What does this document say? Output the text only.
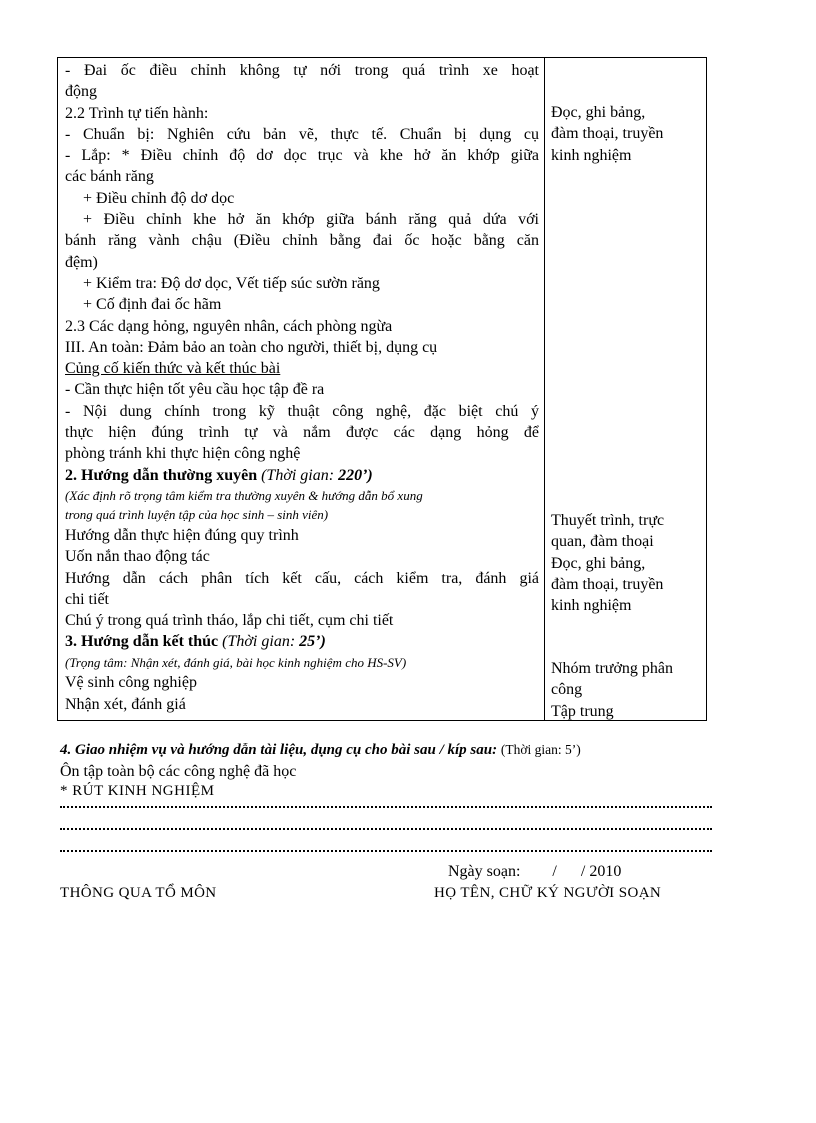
- Đai ốc điều chỉnh không tự nới trong quá trình xe hoạt
động
2.2 Trình tự tiến hành:
- Chuẩn bị: Nghiên cứu bản vẽ, thực tế. Chuẩn bị dụng cụ
- Lắp: * Điều chỉnh độ dơ dọc trục và khe hở ăn khớp giữa
các bánh răng
+ Điều chỉnh độ dơ dọc
+ Điều chỉnh khe hở ăn khớp giữa bánh răng quả dứa với
bánh răng vành chậu (Điều chỉnh bằng đai ốc hoặc bằng căn
đệm)
+ Kiểm tra: Độ dơ dọc, Vết tiếp súc sườn răng
+ Cố định đai ốc hãm
2.3 Các dạng hỏng, nguyên nhân, cách phòng ngừa
III. An toàn: Đảm bảo an toàn cho người, thiết bị, dụng cụ
Củng cố kiến thức và kết thúc bài
- Cần thực hiện tốt yêu cầu học tập đề ra
- Nội dung chính trong kỹ thuật công nghệ, đặc biệt chú ý
thực hiện đúng trình tự và nắm được các dạng hỏng để
phòng tránh khi thực hiện công nghệ
2. Hướng dẫn thường xuyên (Thời gian: 220’)
(Xác định rõ trọng tâm kiểm tra thường xuyên & hướng dẫn bổ xung
trong quá trình luyện tập của học sinh – sinh viên)
Hướng dẫn thực hiện đúng quy trình
Uốn nắn thao động tác
Hướng dẫn cách phân tích kết cấu, cách kiểm tra, đánh giá
chi tiết
Chú ý trong quá trình tháo, lắp chi tiết, cụm chi tiết
3. Hướng dẫn kết thúc (Thời gian: 25’)
(Trọng tâm: Nhận xét, đánh giá, bài học kinh nghiệm cho HS-SV)
Vệ sinh công nghiệp
Nhận xét, đánh giá
Đọc, ghi bảng,
đàm thoại, truyền
kinh nghiệm
Thuyết trình, trực
quan, đàm thoại
Đọc, ghi bảng,
đàm thoại, truyền
kinh nghiệm
Nhóm trưởng phân
công
Tập trung
4. Giao nhiệm vụ và hướng dẫn tài liệu, dụng cụ cho bài sau / kíp sau: (Thời gian: 5’)
Ôn tập toàn bộ các công nghệ đã học
* RÚT KINH NGHIỆM
Ngày soạn:        /      / 2010
THÔNG QUA TỔ MÔN	HỌ TÊN, CHỮ KÝ NGƯỜI SOẠN
